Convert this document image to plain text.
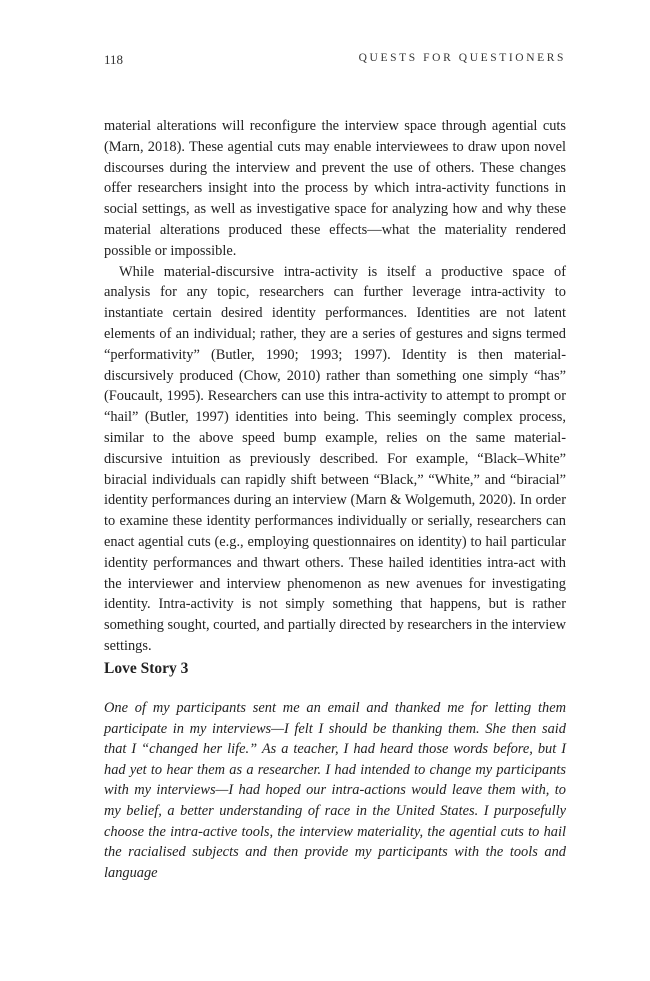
118	QUESTS FOR QUESTIONERS

material alterations will reconfigure the interview space through agential cuts (Marn, 2018). These agential cuts may enable interviewees to draw upon novel discourses during the interview and prevent the use of others. These changes offer researchers insight into the process by which intra-activity functions in social settings, as well as investigative space for analyzing how and why these material alterations produced these effects—what the materiality rendered possible or impossible.

While material-discursive intra-activity is itself a productive space of analysis for any topic, researchers can further leverage intra-activity to instantiate certain desired identity performances. Identities are not latent elements of an individual; rather, they are a series of gestures and signs termed “performativity” (Butler, 1990; 1993; 1997). Identity is then material-discursively produced (Chow, 2010) rather than something one simply “has” (Foucault, 1995). Researchers can use this intra-activity to attempt to prompt or “hail” (Butler, 1997) identities into being. This seemingly complex process, similar to the above speed bump example, relies on the same material-discursive intuition as previously described. For example, “Black–White” biracial individuals can rapidly shift between “Black,” “White,” and “biracial” identity performances during an interview (Marn & Wolgemuth, 2020). In order to examine these identity performances individually or serially, researchers can enact agential cuts (e.g., employing questionnaires on identity) to hail particular identity performances and thwart others. These hailed identities intra-act with the interviewer and interview phenomenon as new avenues for investigating identity. Intra-activity is not simply something that happens, but is rather something sought, courted, and partially directed by researchers in the interview settings.

Love Story 3

One of my participants sent me an email and thanked me for letting them participate in my interviews—I felt I should be thanking them. She then said that I “changed her life.” As a teacher, I had heard those words before, but I had yet to hear them as a researcher. I had intended to change my participants with my interviews—I had hoped our intra-actions would leave them with, to my belief, a better understanding of race in the United States. I purposefully choose the intra-active tools, the interview materiality, the agential cuts to hail the racialised subjects and then provide my participants with the tools and language
